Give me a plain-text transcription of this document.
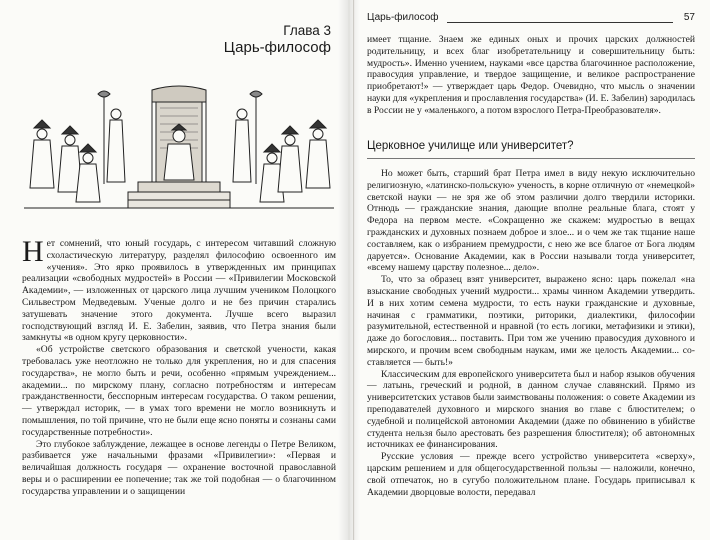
Глава 3
Царь-философ

Нет сомнений, что юный государь, с интересом читавший сложную схоластическую литературу, разделял философию освоенного им «учения». Это ярко проявилось в утвержденных им принципах реализации «свободных мудростей» в России — «Привилегии Московской Академии», — изложенных от царского лица лучшим учеником Полоцкого Сильвестром Медведевым. Ученые долго и не без причин старались затушевать значение этого документа. Лучше всего выразил господствующий взгляд И. Е. Забелин, заявив, что Петра знания были замкнуты «в одном кругу церковности».

«Об устройстве светского образования и светской учености, какая требовалась уже неотложно не только для укрепления, но и для спасения государства», не могло быть и речи, особенно «прямым учреждением... академии... по мирскому плану, согласно потребностям и интересам гражданственности, бесспорным интересам государства. О таком решении, — утверждал историк, — в умах того времени не могло возникнуть и помышления, по той причине, что не были еще ясно поняты и сознаны сами государственные потребности».

Это глубокое заблуждение, лежащее в основе легенды о Петре Великом, разбивается уже начальными фразами «Привилегии»: «Первая и величайшая должность государя — охранение восточной православной веры и о расширении ее попечение; так же той подобная — о благочинном государства управлении и о защищении

Царь-философ	57

имеет тщание. Знаем же единых оных и прочих царских должностей родительницу, и всех благ изобретательницу и совершительницу быть: мудрость». Именно учением, науками «все царства благочинное расположение, правосудия управление, и твердое защищение, и великое распространение приобретают!» — утверждает царь Федор. Очевидно, что мысль о значении науки для «укрепления и прославления государства» (И. Е. Забелин) зародилась в России не у «маленького, а потом взрослого Петра-Преобразователя».

Церковное училище или университет?

Но может быть, старший брат Петра имел в виду некую исключительно религиозную, «латинско-польскую» ученость, в корне отличную от «немецкой» светской науки — не зря же об этом различии долго твердили историки. Отнюдь — гражданские знания, дающие вполне реальные блага, стоят у Федора на первом месте. «Сокращенно же скажем: мудростью в вещах гражданских и духовных познаем доброе и злое... и о чем же так тщание наше составляем, как о избранием премудрости, с нею же все благое от Бога людям даруется». Основание Академии, как в России называли тогда университет, «всему нашему царству полезное... дело».

То, что за образец взят университет, выражено ясно: царь пожелал «на взыскание свободных учений мудрости... храмы чинном Академии утвердить. И в них хотим семена мудрости, то есть науки гражданские и духовные, начиная с грамматики, поэтики, риторики, диалектики, философии разумительной, естественной и нравной (то есть логики, метафизики и этики), даже до богословия... поставить. При том же учению правосудия духовного и мирского, и прочим всем свободным наукам, ими же целость Академии... составляется — быть!»

Классическим для европейского университета был и набор языков обучения — латынь, греческий и родной, в данном случае славянский. Прямо из университетских уставов были заимствованы положения: о совете Академии из преподавателей духовного и мирского знания во главе с блюстителем; о судебной и полицейской автономии Академии (даже по обвинению в убийстве студента нельзя было арестовать без разрешения блюстителя); об автономных источниках ее финансирования.

Русские условия — прежде всего устройство университета «сверху», царским решением и для общегосударственной пользы — наложили, конечно, свой отпечаток, но в сугубо положительном плане. Государь приписывал к Академии дворцовые волости, передавал
